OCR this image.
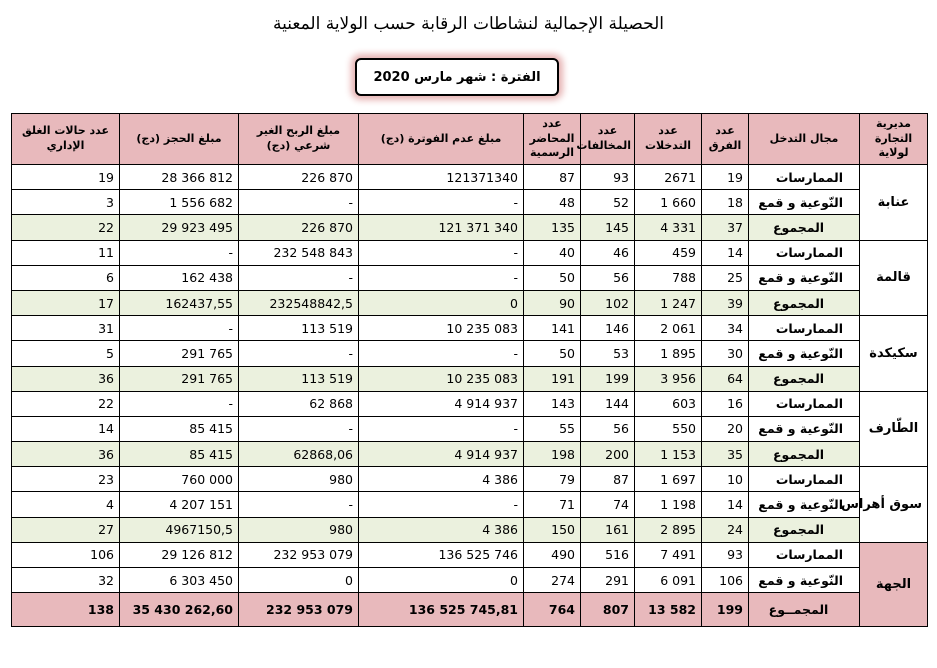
الحصيلة الإجمالية لنشاطات الرقابة حسب الولاية المعنية
الفترة : شهر مارس 2020
مديرية التجارة لولاية	مجال التدخل	عدد الفرق	عدد التدخلات	عدد المخالفات	عدد المحاضر الرسمية	مبلغ عدم الفوترة (دج)	مبلغ الربح الغير شرعي (دج)	مبلغ الحجز (دج)	عدد حالات الغلق الإداري
عنابة	الممارسات	19	2671	93	87	121371340	226 870	28 366 812	19
	النّوعية و قمع	18	1 660	52	48	-	-	1 556 682	3
	المجموع	37	4 331	145	135	121 371 340	226 870	29 923 495	22
قالمة	الممارسات	14	459	46	40	-	232 548 843	-	11
	النّوعية و قمع	25	788	56	50	-	-	162 438	6
	المجموع	39	1 247	102	90	0	232548842,5	162437,55	17
سكيكدة	الممارسات	34	2 061	146	141	10 235 083	113 519	-	31
	النّوعية و قمع	30	1 895	53	50	-	-	291 765	5
	المجموع	64	3 956	199	191	10 235 083	113 519	291 765	36
الطّارف	الممارسات	16	603	144	143	4 914 937	62 868	-	22
	النّوعية و قمع	20	550	56	55	-	-	85 415	14
	المجموع	35	1 153	200	198	4 914 937	62868,06	85 415	36
سوق أهراس	الممارسات	10	1 697	87	79	4 386	980	760 000	23
	النّوعية و قمع	14	1 198	74	71	-	-	4 207 151	4
	المجموع	24	2 895	161	150	4 386	980	4967150,5	27
الجهة	الممارسات	93	7 491	516	490	136 525 746	232 953 079	29 126 812	106
	النّوعية و قمع	106	6 091	291	274	0	0	6 303 450	32
	المجمــوع	199	13 582	807	764	136 525 745,81	232 953 079	35 430 262,60	138
